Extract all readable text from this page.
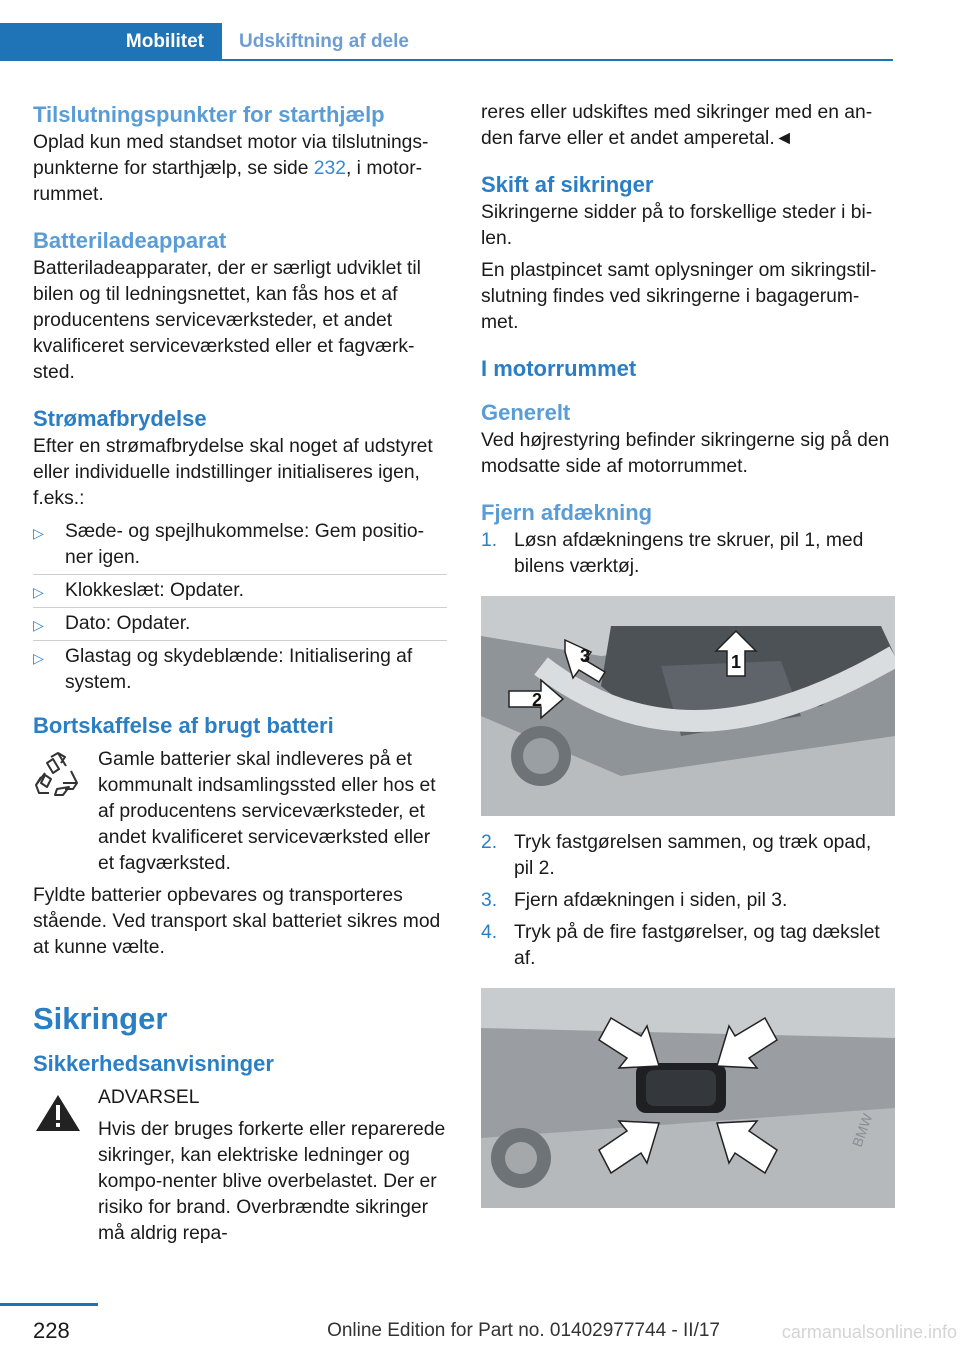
Mobilitet Udskiftning af dele
Tilslutningspunkter for starthjælp

Oplad kun med standset motor via tilslutnings-punkterne for starthjælp, se side 232, i motor-rummet.

Batteriladeapparat

Batteriladeapparater, der er særligt udviklet til bilen og til ledningsnettet, kan fås hos et af producentens serviceværksteder, et andet kvalificeret serviceværksted eller et fagværk-sted.

Strømafbrydelse

Efter en strømafbrydelse skal noget af udstyret eller individuelle indstillinger initialiseres igen, f.eks.:

▷ Sæde- og spejlhukommelse: Gem positio-ner igen.
▷ Klokkeslæt: Opdater.
▷ Dato: Opdater.
▷ Glastag og skydeblænde: Initialisering af system.
Bortskaffelse af brugt batteri

Gamle batterier skal indleveres på et kommunalt indsamlingssted eller hos et af producentens serviceværksteder, et andet kvalificeret serviceværksted eller et fagværksted.

Fyldte batterier opbevares og transporteres stående. Ved transport skal batteriet sikres mod at kunne vælte.

Sikringer
Sikkerhedsanvisninger

ADVARSEL

Hvis der bruges forkerte eller reparerede sikringer, kan elektriske ledninger og kompo-nenter blive overbelastet. Der er risiko for brand. Overbrændte sikringer må aldrig repa-

reres eller udskiftes med sikringer med en an-den farve eller et andet amperetal.◄

Skift af sikringer

Sikringerne sidder på to forskellige steder i bi-len.

En plastpincet samt oplysninger om sikringstil-slutning findes ved sikringerne i bagagerum-met.

I motorrummet
Generelt

Ved højrestyring befinder sikringerne sig på den modsatte side af motorrummet.

Fjern afdækning
1. Løsn afdækningens tre skruer, pil 1, med bilens værktøj.
1
2
3
2. Tryk fastgørelsen sammen, og træk opad, pil 2.
3. Fjern afdækningen i siden, pil 3.
4. Tryk på de fire fastgørelser, og tag dækslet af.
BMW
228	Online Edition for Part no. 01402977744 - II/17	carmanualsonline.info
